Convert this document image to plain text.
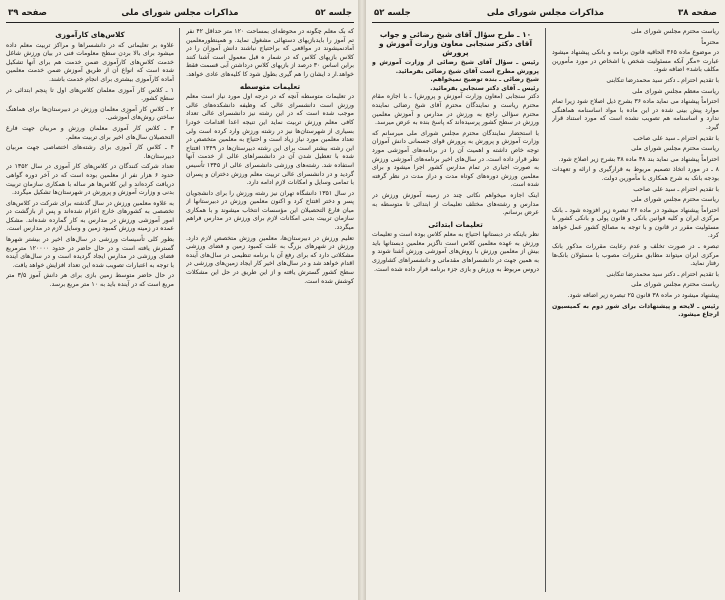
جلسه ۵۲
مذاکرات مجلس شورای ملی
صفحه ۳۹

که بک معلم چگونه در محوطه‌ای بمساحت ۱۲۰ متر حداقل ۴۲ نفر تم آموز را بایدبازیهای دستهائی مشغول نماید. و همینطورمعلمین آمادنمیشوند در مواقعی که براحتیاج نباشند دانش آموزان را در کلاس بازیهای کلاس که در شمار ه قبل معمول است آشنا کنند براین اساس ۳۰ درصد از بازیهای کلاس درداشتن آبی قسمت فقط خواهد.ار د ایشان را هم گیری بطول شود کا کلیه‌های عادی خواهد.

تعلیمات متوسطه

در تعلیمات متوسطه آنچه که در درجه اول مورد نیاز است معلم ورزش است دانشسرای عالی که وظیفه دانشکده‌های عالی موجب شده است که در این رشته نیز دانشسرای عالی تعداد کافی معلم ورزش تربیت نماید این تنیجه اعدا اقدامات خودرا بسیاری از شهرستان‌ها نیز در رشته ورزش وارد کرده است ولی تعداد معلمین مورد نیاز زیاد است و احتیاج به معلمین متخصص در این رشته بیشتر است برای این رشته دبیرستان‌ها در ۱۳۴۹ افتتاح شده با تعطیل شدن آن در دانشسراهای عالی از خدمت آنها استفاده شد. رشته‌های ورزشی دانشسرای عالی از ۱۳۴۵ تأسیس گردید و در دانشسرای عالی تربیت معلم ورزش دختران و پسران با تمامی وسایل و امکانات لازم ادامه دارد.

در سال ۱۳۵۱ دانشگاه تهران نیز رشته ورزش را برای دانشجویان پسر و دختر افتتاح کرد و اکنون معلمین ورزش در دبیرستانها از میان فارغ التحصیلان این مؤسسات انتخاب میشوند و با همکاری سازمان تربیت بدنی امکانات لازم برای ورزش در مدارس فراهم میگردد.

تعلیم ورزش در دبیرستان‌ها، معلمین ورزش متخصص لازم دارد. ورزش در شهرهای بزرگ به علت کمبود زمین و فضای ورزشی مشکلاتی دارد که برای رفع آن با برنامه تنظیمی در سال‌های آینده اقدام خواهد شد و در سال‌های اخیر کار ایجاد زمین‌های ورزشی در سطح کشور گسترش یافته و از این طریق در حل این مشکلات کوشش شده است.

کلاس‌های کارآموزی

علاوه بر تعلیماتی که در دانشسراها و مراکز تربیت معلم داده میشود برای بالا بردن سطح معلومات فنی در بیان ورزش شاغل خدمت کلاس‌های کارآموزی ضمن خدمت هم برای آنها تشکیل شده است که انواع آن از طریق آموزش ضمن خدمت معلمین آماده کارآموزی بیشتری برای انجام خدمت باشند.

۱ ـ کلاس کار آموزی معلمان کلاس‌های اول تا پنجم ابتدائی در سطح کشور.

۲ ـ کلاس کار آموزی معلمان ورزش در دبیرستان‌ها برای هماهنگ ساختن روش‌های آموزشی.

۳ ـ کلاس کار آموزی معلمان ورزش و مربیان جهت فارغ التحصیلان سال‌های اخیر برای تربیت معلم.

۴ ـ کلاس کار آموزی برای رشته‌های اختصاصی جهت مربیان دبیرستان‌ها.

تعداد شرکت کنندگان در کلاس‌های کار آموزی در سال ۱۳۵۲ در حدود ۶ هزار نفر از معلمین بوده است که در آخر دوره گواهی دریافت کرده‌اند و این کلاس‌ها هر ساله با همکاری سازمان تربیت بدنی و وزارت آموزش و پرورش در شهرستان‌ها تشکیل میگردد.

به علاوه معلمین ورزش در سال گذشته برای شرکت در کلاس‌های تخصصی به کشورهای خارج اعزام شده‌اند و پس از بازگشت در امور آموزشی ورزش در مدارس به کار گمارده شده‌اند. مشکل عمده در زمینه ورزش کمبود زمین و وسایل لازم در مدارس است.

بطور کلی تأسیسات ورزشی در سال‌های اخیر در بیشتر شهرها گسترش یافته است و در حال حاضر در حدود ۱۲۰۰۰۰ مترمربع فضای ورزشی در مدارس ایجاد گردیده است و در سال‌های آینده با توجه به اعتبارات تصویب شده این تعداد افزایش خواهد یافت.

در حال حاضر متوسط زمین بازی برای هر دانش آموز ۳/۵ متر مربع است که در آینده باید به ۱۰ متر مربع برسد.

صفحه ۳۸
مذاکرات مجلس شورای ملی
جلسه ۵۲

ریاست محترم مجلس شورای ملی

محترماً

در موضوع ماده ۳۶۵ الحاقیه قانون برنامه و بانکی پیشنهاد میشود عبارت «مگر آنکه مسئولیت شخص یا اشخاص در مورد مأمورین مکلف باشد» اضافه شود.

با تقدیم احترام ـ دکتر سید محمدرضا تنکابنی

ریاست معظم مجلس شورای ملی

احتراماً پیشنهاد می نماید ماده ۳۶ بشرح ذیل اصلاح شود زیرا تمام موارد پیش بینی شده در این ماده با مواد اساسنامه هماهنگی ندارد و اساسنامه هم تصویب نشده است که مورد استناد قرار گیرد.

با تقدیم احترام ـ سید علی صاحب

ریاست محترم مجلس شورای ملی

احتراماً پیشنهاد می نماید بند ۳۸ ماده ۳۸ بشرح زیر اصلاح شود.

۸ ـ در مورد اتخاذ تصمیم مربوط به قرارگیری و ارائه و تعهدات بودجه بانک به شرح همکاری با مأمورین دولت.

با تقدیم احترام ـ سید علی صاحب

ریاست محترم مجلس شورای ملی

احتراماً پیشنهاد میشود در ماده ۲۶ تبصره زیر افزوده شود ـ بانک مرکزی ایران و کلیه قوانین بانکی و قانون پولی و بانکی کشور با مسئولیت مقرر در قانون و با توجه به مصالح کشور عمل خواهد کرد.

تبصره ـ در صورت تخلف و عدم رعایت مقررات مذکور بانک مرکزی ایران میتواند مطابق مقررات مصوب با مسئولان بانک‌ها رفتار نماید.

با تقدیم احترام ـ دکتر سید محمدرضا تنکابنی

ریاست محترم مجلس شورای ملی

پیشنهاد میشود در ماده ۳۸ قانون ۲۵ تبصره زیر اضافه شود.

رئیس ـ لایحه و پیشنهادات برای شور دوم به کمیسیون ارجاع میشود.
۱۰ ـ طرح سؤال آقای شیخ رضائی و جواب آقای دکتر سنجابی معاون وزارت آموزش و پرورش
رئیس ـ سؤال آقای شیخ رضائی از وزارت آموزش و پرورش مطرح است آقای شیخ رضائی بفرمائید.
شیخ رضائی ـ بنده توضیح نمیخواهم.
رئیس ـ آقای دکتر سنجابی بفرمائید.

دکتر سنجابی (معاون وزارت آموزش و پرورش) ـ با اجازه مقام محترم ریاست و نمایندگان محترم آقای شیخ رضائی نماینده محترم سؤالی راجع به ورزش در مدارس و آموزش معلمین ورزش در سطح کشور پرسیده‌اند که پاسخ بنده به عرض میرسد.

با استحضار نمایندگان محترم مجلس شورای ملی میرسانم که وزارت آموزش و پرورش به پرورش قوای جسمانی دانش آموزان توجه خاص داشته و اهمیت آن را در برنامه‌های آموزشی مورد نظر قرار داده است. در سال‌های اخیر برنامه‌های آموزشی ورزش به صورت اجباری در تمام مدارس کشور اجرا میشود و برای معلمین ورزش دوره‌های کوتاه مدت و دراز مدت در نظر گرفته شده است.

اینک اجازه میخواهم نکاتی چند در زمینه آموزش ورزش در مدارس و رشته‌های مختلف تعلیمات از ابتدائی تا متوسطه به عرض برسانم.

تعلیمات ابتدائی

نظر باینکه در دبستانها احتیاج به معلم کلاس بوده است و تعلیمات ورزش به عهده معلمین کلاس است ناگزیر معلمین دبستانها باید بیش از معلمین ورزش با روش‌های آموزشی ورزش آشنا شوند و به همین جهت در دانشسراهای مقدماتی و دانشسراهای کشاورزی دروس مربوط به ورزش و بازی جزء برنامه قرار داده شده است.
